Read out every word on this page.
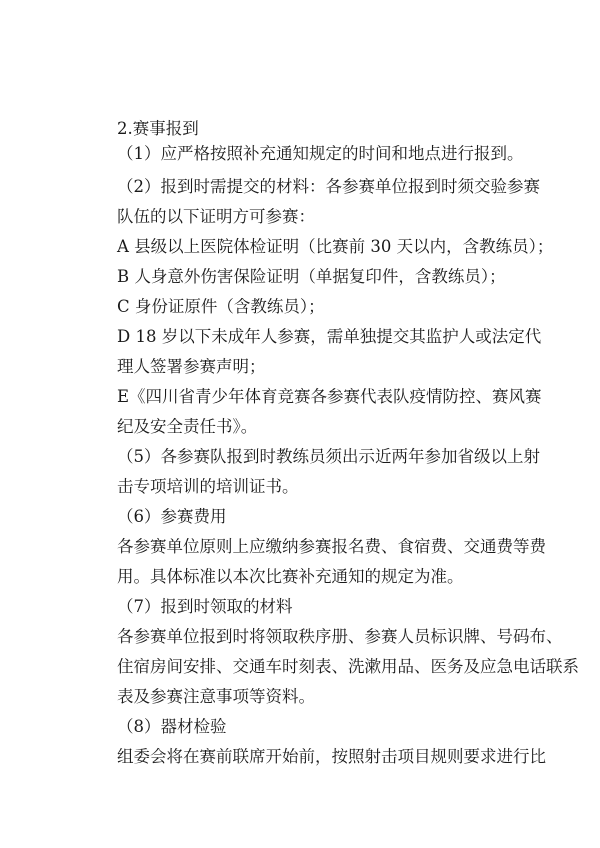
2.赛事报到
（1）应严格按照补充通知规定的时间和地点进行报到。
（2）报到时需提交的材料：各参赛单位报到时须交验参赛
队伍的以下证明方可参赛：
A 县级以上医院体检证明（比赛前 30 天以内，含教练员）；
B 人身意外伤害保险证明（单据复印件，含教练员）；
C 身份证原件（含教练员）；
D 18 岁以下未成年人参赛，需单独提交其监护人或法定代
理人签署参赛声明；
E《四川省青少年体育竞赛各参赛代表队疫情防控、赛风赛
纪及安全责任书》。
（5）各参赛队报到时教练员须出示近两年参加省级以上射
击专项培训的培训证书。
（6）参赛费用
各参赛单位原则上应缴纳参赛报名费、食宿费、交通费等费
用。具体标准以本次比赛补充通知的规定为准。
（7）报到时领取的材料
各参赛单位报到时将领取秩序册、参赛人员标识牌、号码布、
住宿房间安排、交通车时刻表、洗漱用品、医务及应急电话联系
表及参赛注意事项等资料。
（8）器材检验
组委会将在赛前联席开始前，按照射击项目规则要求进行比
